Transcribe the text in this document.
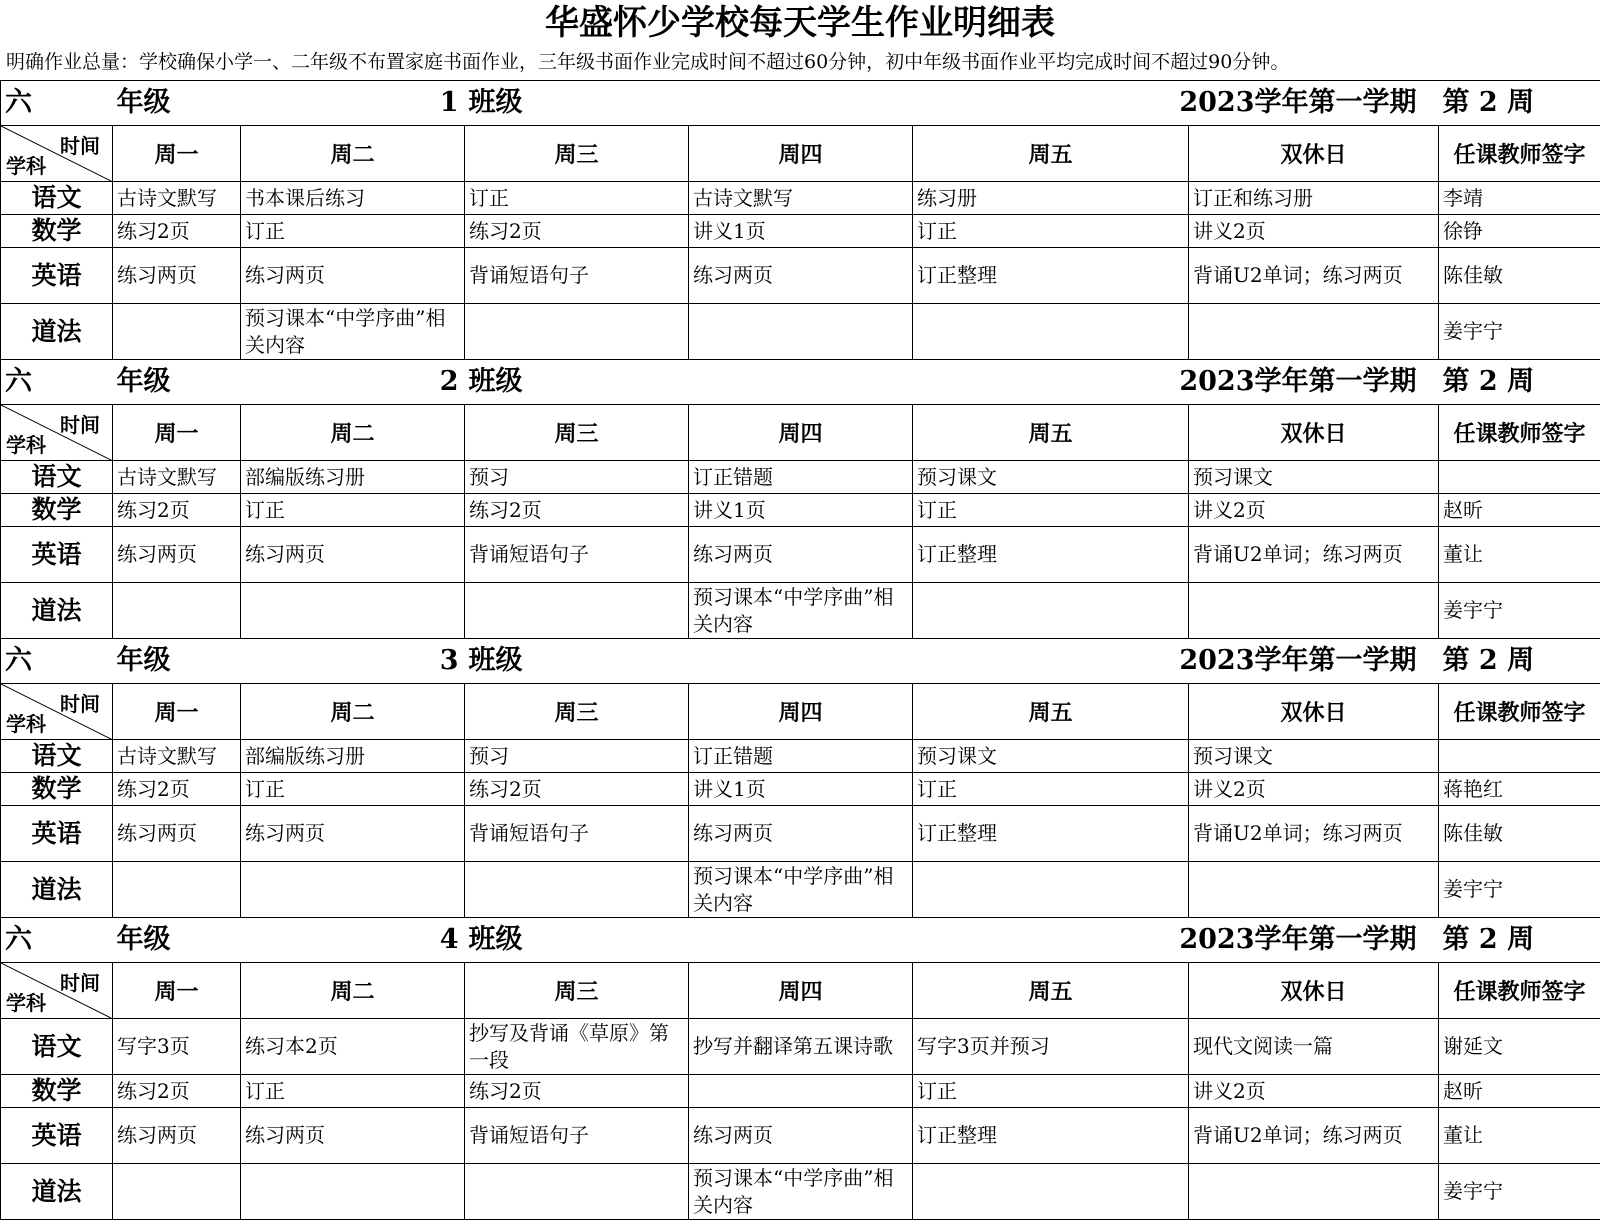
华盛怀少学校每天学生作业明细表
明确作业总量：学校确保小学一、二年级不布置家庭书面作业，三年级书面作业完成时间不超过60分钟，初中年级书面作业平均完成时间不超过90分钟。
六	年级	1	班级		2023学年第一学期		第 2 周

时间
学科	周一	周二	周三	周四	周五	双休日	任课教师签字
语文	古诗文默写	书本课后练习	订正	古诗文默写	练习册	订正和练习册	李靖

数学	练习2页	订正	练习2页	讲义1页	订正	讲义2页	徐铮

英语	练习两页	练习两页	背诵短语句子	练习两页	订正整理	背诵U2单词；练习两页	陈佳敏

道法		预习课本“中学序曲”相关内容					姜宇宁

六	年级	2	班级		2023学年第一学期		第 2 周

时间
学科	周一	周二	周三	周四	周五	双休日	任课教师签字
语文	古诗文默写	部编版练习册	预习	订正错题	预习课文	预习课文	

数学	练习2页	订正	练习2页	讲义1页	订正	讲义2页	赵昕

英语	练习两页	练习两页	背诵短语句子	练习两页	订正整理	背诵U2单词；练习两页	董让

道法				预习课本“中学序曲”相关内容			姜宇宁

六	年级	3	班级		2023学年第一学期		第 2 周

时间
学科	周一	周二	周三	周四	周五	双休日	任课教师签字
语文	古诗文默写	部编版练习册	预习	订正错题	预习课文	预习课文	

数学	练习2页	订正	练习2页	讲义1页	订正	讲义2页	蒋艳红

英语	练习两页	练习两页	背诵短语句子	练习两页	订正整理	背诵U2单词；练习两页	陈佳敏

道法				预习课本“中学序曲”相关内容			姜宇宁

六	年级	4	班级		2023学年第一学期		第 2 周

时间
学科	周一	周二	周三	周四	周五	双休日	任课教师签字
语文	写字3页	练习本2页	抄写及背诵《草原》第一段	抄写并翻译第五课诗歌	写字3页并预习	现代文阅读一篇	谢延文

数学	练习2页	订正	练习2页		订正	讲义2页	赵昕

英语	练习两页	练习两页	背诵短语句子	练习两页	订正整理	背诵U2单词；练习两页	董让

道法				预习课本“中学序曲”相关内容			姜宇宁
